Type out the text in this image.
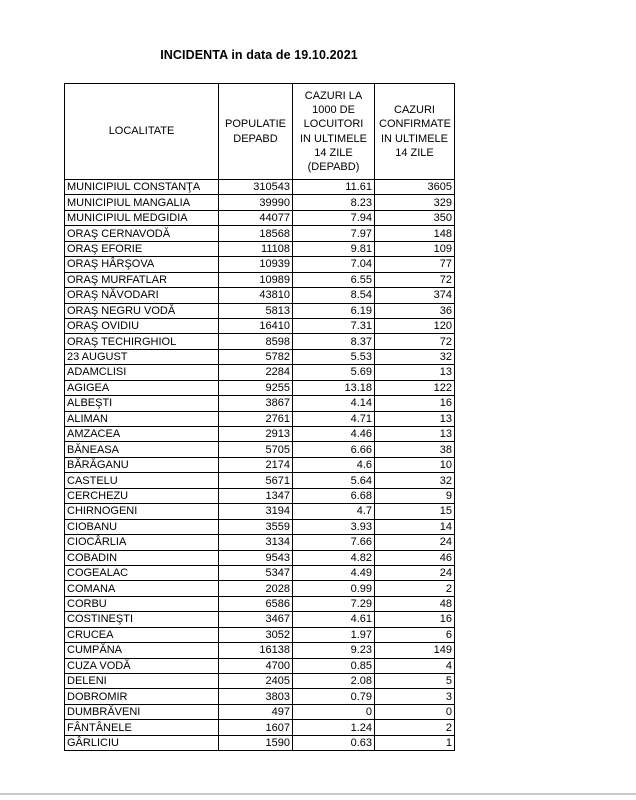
INCIDENTA in data de 19.10.2021
LOCALITATE	POPULATIE DEPABD	CAZURI LA 1000 DE LOCUITORI IN ULTIMELE 14 ZILE (DEPABD)	CAZURI CONFIRMATE IN ULTIMELE 14 ZILE
MUNICIPIUL CONSTANŢA	310543	11.61	3605
MUNICIPIUL MANGALIA	39990	8.23	329
MUNICIPIUL MEDGIDIA	44077	7.94	350
ORAŞ CERNAVODĂ	18568	7.97	148
ORAŞ EFORIE	11108	9.81	109
ORAŞ HÂRŞOVA	10939	7.04	77
ORAŞ MURFATLAR	10989	6.55	72
ORAŞ NĂVODARI	43810	8.54	374
ORAŞ NEGRU VODĂ	5813	6.19	36
ORAŞ OVIDIU	16410	7.31	120
ORAŞ TECHIRGHIOL	8598	8.37	72
23 AUGUST	5782	5.53	32
ADAMCLISI	2284	5.69	13
AGIGEA	9255	13.18	122
ALBEŞTI	3867	4.14	16
ALIMAN	2761	4.71	13
AMZACEA	2913	4.46	13
BĂNEASA	5705	6.66	38
BĂRĂGANU	2174	4.6	10
CASTELU	5671	5.64	32
CERCHEZU	1347	6.68	9
CHIRNOGENI	3194	4.7	15
CIOBANU	3559	3.93	14
CIOCÂRLIA	3134	7.66	24
COBADIN	9543	4.82	46
COGEALAC	5347	4.49	24
COMANA	2028	0.99	2
CORBU	6586	7.29	48
COSTINEŞTI	3467	4.61	16
CRUCEA	3052	1.97	6
CUMPĂNA	16138	9.23	149
CUZA VODĂ	4700	0.85	4
DELENI	2405	2.08	5
DOBROMIR	3803	0.79	3
DUMBRĂVENI	497	0	0
FÂNTÂNELE	1607	1.24	2
GÂRLICIU	1590	0.63	1
